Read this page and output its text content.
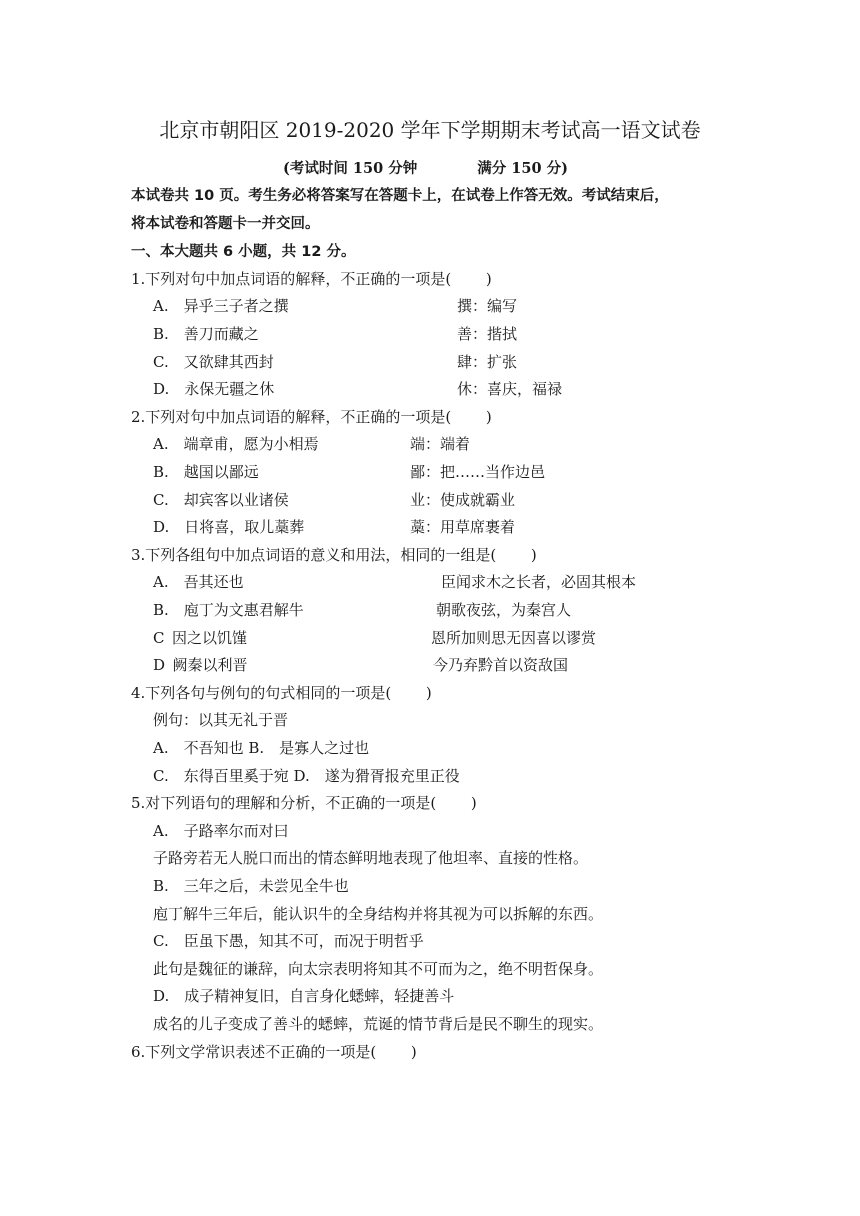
北京市朝阳区 2019-2020 学年下学期期末考试高一语文试卷
(考试时间 150 分钟	满分 150 分)
本试卷共 10 页。考生务必将答案写在答题卡上，在试卷上作答无效。考试结束后，
将本试卷和答题卡一并交回。
一、本大题共 6 小题，共 12 分。
1.下列对句中加点词语的解释，不正确的一项是(　　 )
A.  异乎三子者之撰	撰：编写
B.  善刀而藏之	善：揩拭
C.  又欲肆其西封	肆：扩张
D.  永保无疆之休	休：喜庆，福禄
2.下列对句中加点词语的解释，不正确的一项是(　　 )
A.  端章甫，愿为小相焉	端：端着
B.  越国以鄙远	鄙：把……当作边邑
C.  却宾客以业诸侯	业：使成就霸业
D.  日将喜，取儿藁葬	藁：用草席裹着
3.下列各组句中加点词语的意义和用法，相同的一组是(　　 )
A.  吾其还也	臣闻求木之长者，必固其根本
B.  庖丁为文惠君解牛	朝歌夜弦，为秦宫人
C  因之以饥馑	恩所加则思无因喜以谬赏
D  阙秦以利晋	今乃弃黔首以资敌国
4.下列各句与例句的句式相同的一项是(　　 )
例句：以其无礼于晋
A.　不吾知也 B.　是寡人之过也
C.　东得百里奚于宛 D.　遂为猾胥报充里正役
5.对下列语句的理解和分析，不正确的一项是(　　 )
A.　子路率尔而对曰
子路旁若无人脱口而出的情态鲜明地表现了他坦率、直接的性格。
B.　三年之后，未尝见全牛也
庖丁解牛三年后，能认识牛的全身结构并将其视为可以拆解的东西。
C.　臣虽下愚，知其不可，而况于明哲乎
此句是魏征的谦辞，向太宗表明将知其不可而为之，绝不明哲保身。
D.　成子精神复旧，自言身化蟋蟀，轻捷善斗
成名的儿子变成了善斗的蟋蟀，荒诞的情节背后是民不聊生的现实。
6.下列文学常识表述不正确的一项是(　　 )
